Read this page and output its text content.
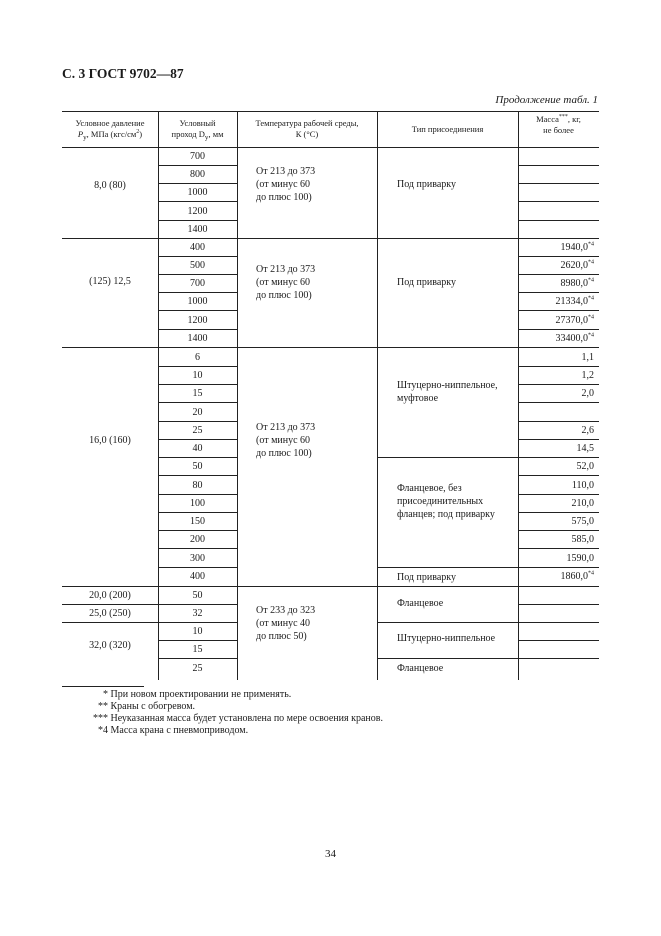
С. 3 ГОСТ 9702—87
Продолжение табл. 1
Условное давление
$P_у$, МПа $(кгс/см^2)$
Условный
проход $D_у$, мм
Температура рабочей среды,
К (°С)	Тип присоединения
Масса***, кг,
не более
8,0 (80)
От 213 до 373
(от минус 60
до плюс 100)
Под приварку
700
800
1000
1200
1400
(125) 12,5
От 213 до 373
(от минус 60
до плюс 100)
Под приварку
400
500
700
1000
1200
1400
1940,0$^{*4}$
2620,0$^{*4}$
8980,0$^{*4}$
21334,0$^{*4}$
27370,0$^{*4}$
33400,0$^{*4}$
16,0 (160)
От 213 до 373
(от минус 60
до плюс 100)
Штуцерно-ниппельное,
муфтовое
Фланцевое, без
присоединительных
фланцев; под приварку
Под приварку
6
10
15
20
25
40
50
80
100
150
200
300
400
1,1
1,2
2,0
2,6
14,5
52,0
110,0
210,0
575,0
585,0
1590,0
1860,0$^{*4}$
20,0 (200)
25,0 (250)
32,0 (320)
От 233 до 323
(от минус 40
до плюс 50)
Фланцевое
Штуцерно-ниппельное
Фланцевое
50
32
10
15
25
* При новом проектировании не применять.
** Краны с обогревом.
*** Неуказанная масса будет установлена по мере освоения кранов.
*4 Масса крана с пневмоприводом.
34
